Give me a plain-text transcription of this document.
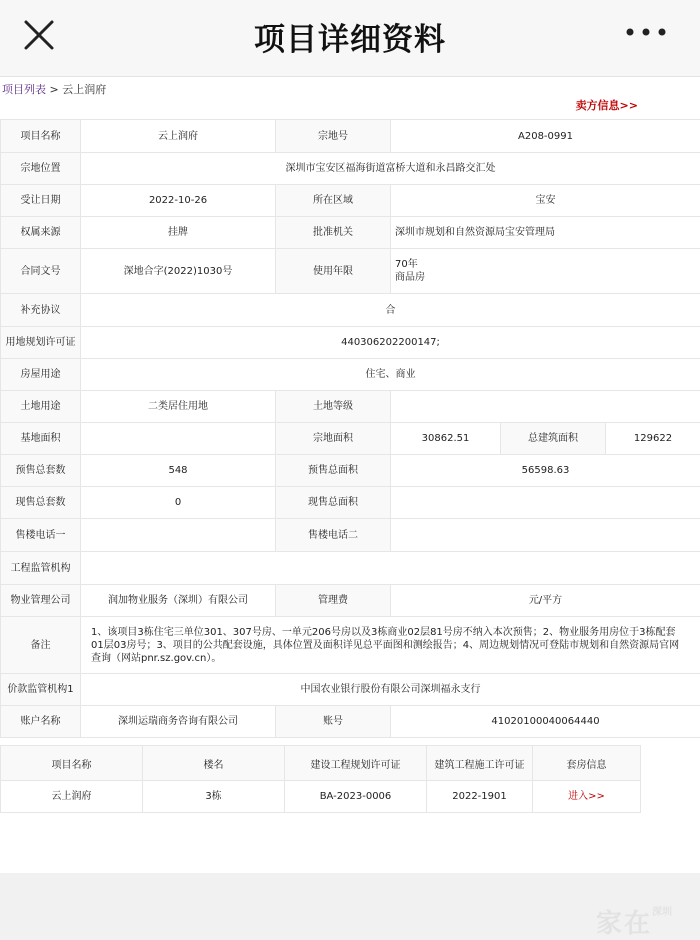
项目详细资料
项目列表 > 云上润府
卖方信息>>
项目名称	云上润府	宗地号	A208-0991		
宗地位置	深圳市宝安区福海街道富桥大道和永昌路交汇处				
受让日期	2022-10-26	所在区域	宝安		
权属来源	挂牌	批准机关	深圳市规划和自然资源局宝安管理局		
合同文号	深地合字(2022)1030号	使用年限	70年
商品房		

补充协议	合				
用地规划许可证	440306202200147;				
房屋用途	住宅、商业				
土地用途	二类居住用地	土地等级			
基地面积		宗地面积	30862.51	总建筑面积	129622
预售总套数	548	预售总面积	56598.63		
现售总套数	0	现售总面积			
售楼电话一		售楼电话二			
工程监管机构					
物业管理公司	润加物业服务（深圳）有限公司	管理费	元/平方		
备注	1、该项目3栋住宅三单位301、307号房、一单元206号房以及3栋商业02层81号房不纳入本次预售；2、物业服务用房位于3栋配套01层03房号；3、项目的公共配套设施，具体位置及面积详见总平面图和测绘报告；4、周边规划情况可登陆市规划和自然资源局官网查询（网站pnr.sz.gov.cn）。				
价款监管机构1	中国农业银行股份有限公司深圳福永支行				
账户名称	深圳运瑞商务咨询有限公司	账号	41020100040064440		
项目名称	楼名	建设工程规划许可证	建筑工程施工许可证	套房信息
云上润府	3栋	BA-2023-0006	2022-1901	进入>>
家在$^{深圳}$
